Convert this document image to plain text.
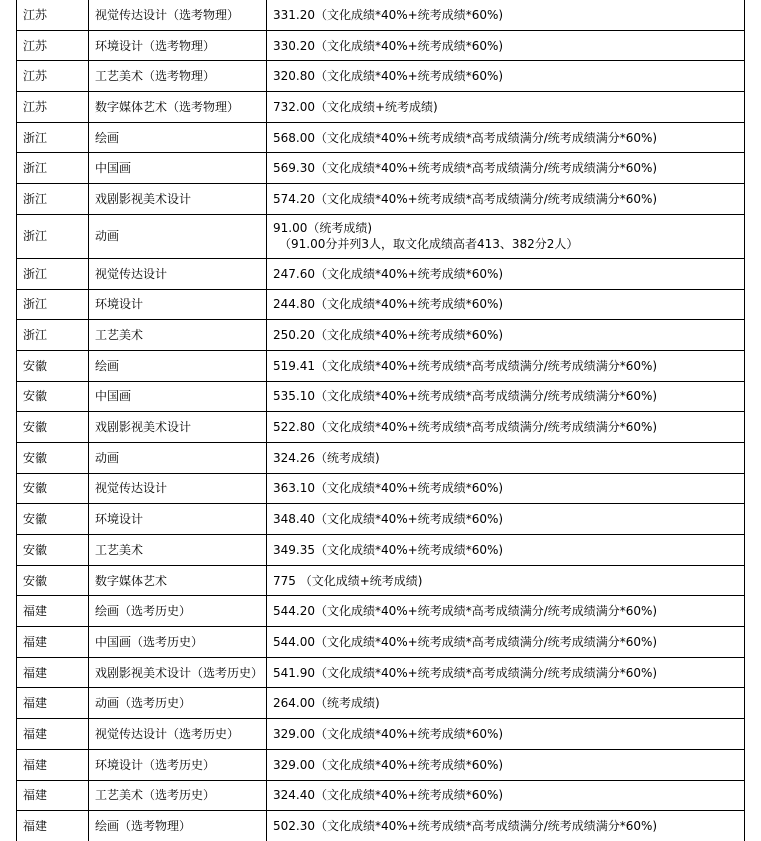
江苏	视觉传达设计（选考物理）	331.20（文化成绩*40%+统考成绩*60%)
江苏	环境设计（选考物理）	330.20（文化成绩*40%+统考成绩*60%)
江苏	工艺美术（选考物理）	320.80（文化成绩*40%+统考成绩*60%)
江苏	数字媒体艺术（选考物理）	732.00（文化成绩+统考成绩)
浙江	绘画	568.00（文化成绩*40%+统考成绩*高考成绩满分/统考成绩满分*60%)
浙江	中国画	569.30（文化成绩*40%+统考成绩*高考成绩满分/统考成绩满分*60%)
浙江	戏剧影视美术设计	574.20（文化成绩*40%+统考成绩*高考成绩满分/统考成绩满分*60%)
浙江	动画	91.00（统考成绩)
（91.00分并列3人，取文化成绩高者413、382分2人）

浙江	视觉传达设计	247.60（文化成绩*40%+统考成绩*60%)
浙江	环境设计	244.80（文化成绩*40%+统考成绩*60%)
浙江	工艺美术	250.20（文化成绩*40%+统考成绩*60%)
安徽	绘画	519.41（文化成绩*40%+统考成绩*高考成绩满分/统考成绩满分*60%)
安徽	中国画	535.10（文化成绩*40%+统考成绩*高考成绩满分/统考成绩满分*60%)
安徽	戏剧影视美术设计	522.80（文化成绩*40%+统考成绩*高考成绩满分/统考成绩满分*60%)
安徽	动画	324.26（统考成绩)
安徽	视觉传达设计	363.10（文化成绩*40%+统考成绩*60%)
安徽	环境设计	348.40（文化成绩*40%+统考成绩*60%)
安徽	工艺美术	349.35（文化成绩*40%+统考成绩*60%)
安徽	数字媒体艺术	775 （文化成绩+统考成绩)
福建	绘画（选考历史）	544.20（文化成绩*40%+统考成绩*高考成绩满分/统考成绩满分*60%)
福建	中国画（选考历史）	544.00（文化成绩*40%+统考成绩*高考成绩满分/统考成绩满分*60%)
福建	戏剧影视美术设计（选考历史）	541.90（文化成绩*40%+统考成绩*高考成绩满分/统考成绩满分*60%)
福建	动画（选考历史）	264.00（统考成绩)
福建	视觉传达设计（选考历史）	329.00（文化成绩*40%+统考成绩*60%)
福建	环境设计（选考历史）	329.00（文化成绩*40%+统考成绩*60%)
福建	工艺美术（选考历史）	324.40（文化成绩*40%+统考成绩*60%)
福建	绘画（选考物理）	502.30（文化成绩*40%+统考成绩*高考成绩满分/统考成绩满分*60%)
